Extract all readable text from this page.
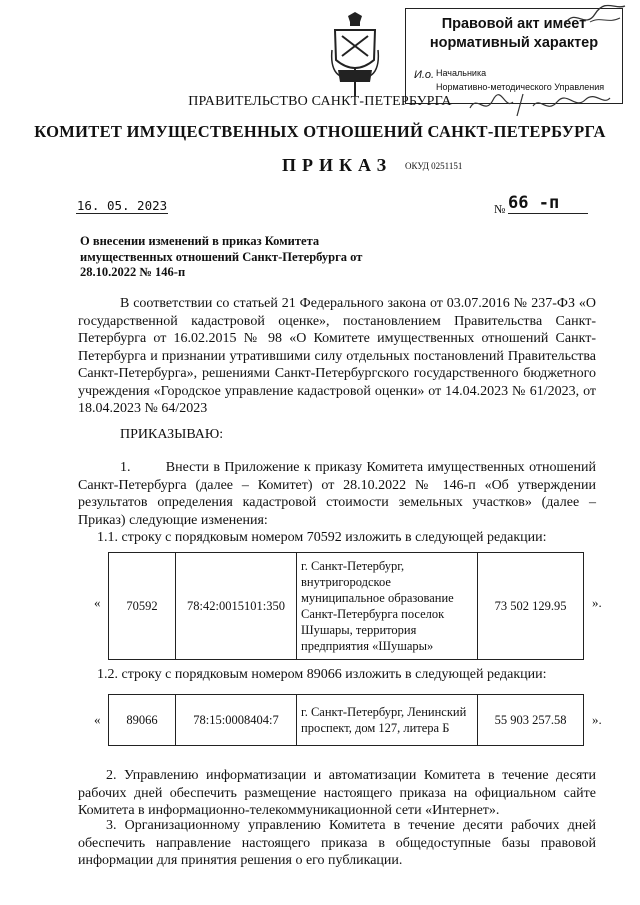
Правовой акт имеет
нормативный характер
И.о. Начальника
Нормативно-методического Управления
ПРАВИТЕЛЬСТВО САНКТ-ПЕТЕРБУРГА
КОМИТЕТ ИМУЩЕСТВЕННЫХ ОТНОШЕНИЙ САНКТ-ПЕТЕРБУРГА
ПРИКАЗ ОКУД 0251151
16. 05. 2023	№ 66 -п
О внесении изменений в приказ Комитета имущественных отношений Санкт-Петербурга от 28.10.2022 № 146-п
В соответствии со статьей 21 Федерального закона от 03.07.2016 № 237-ФЗ «О государственной кадастровой оценке», постановлением Правительства Санкт-Петербурга от 16.02.2015 № 98 «О Комитете имущественных отношений Санкт-Петербурга и признании утратившими силу отдельных постановлений Правительства Санкт-Петербурга», решениями Санкт-Петербургского государственного бюджетного учреждения «Городское управление кадастровой оценки» от 14.04.2023 № 61/2023, от 18.04.2023 № 64/2023
ПРИКАЗЫВАЮ:
1.        Внести в Приложение к приказу Комитета имущественных отношений Санкт-Петербурга (далее – Комитет) от 28.10.2022 № 146-п «Об утверждении результатов определения кадастровой стоимости земельных участков» (далее – Приказ) следующие изменения:
1.1. строку с порядковым номером 70592 изложить в следующей редакции:
« 70592	78:42:0015101:350	г. Санкт-Петербург, внутригородское муниципальное образование Санкт-Петербурга поселок Шушары, территория предприятия «Шушары»	73 502 129.95 ».
1.2. строку с порядковым номером 89066 изложить в следующей редакции:
« 89066	78:15:0008404:7	г. Санкт-Петербург, Ленинский проспект, дом 127, литера Б	55 903 257.58 ».
2. Управлению информатизации и автоматизации Комитета в течение десяти рабочих дней обеспечить размещение настоящего приказа на официальном сайте Комитета в информационно-телекоммуникационной сети «Интернет».
3. Организационному управлению Комитета в течение десяти рабочих дней обеспечить направление настоящего приказа в общедоступные базы правовой информации для принятия решения о его публикации.
